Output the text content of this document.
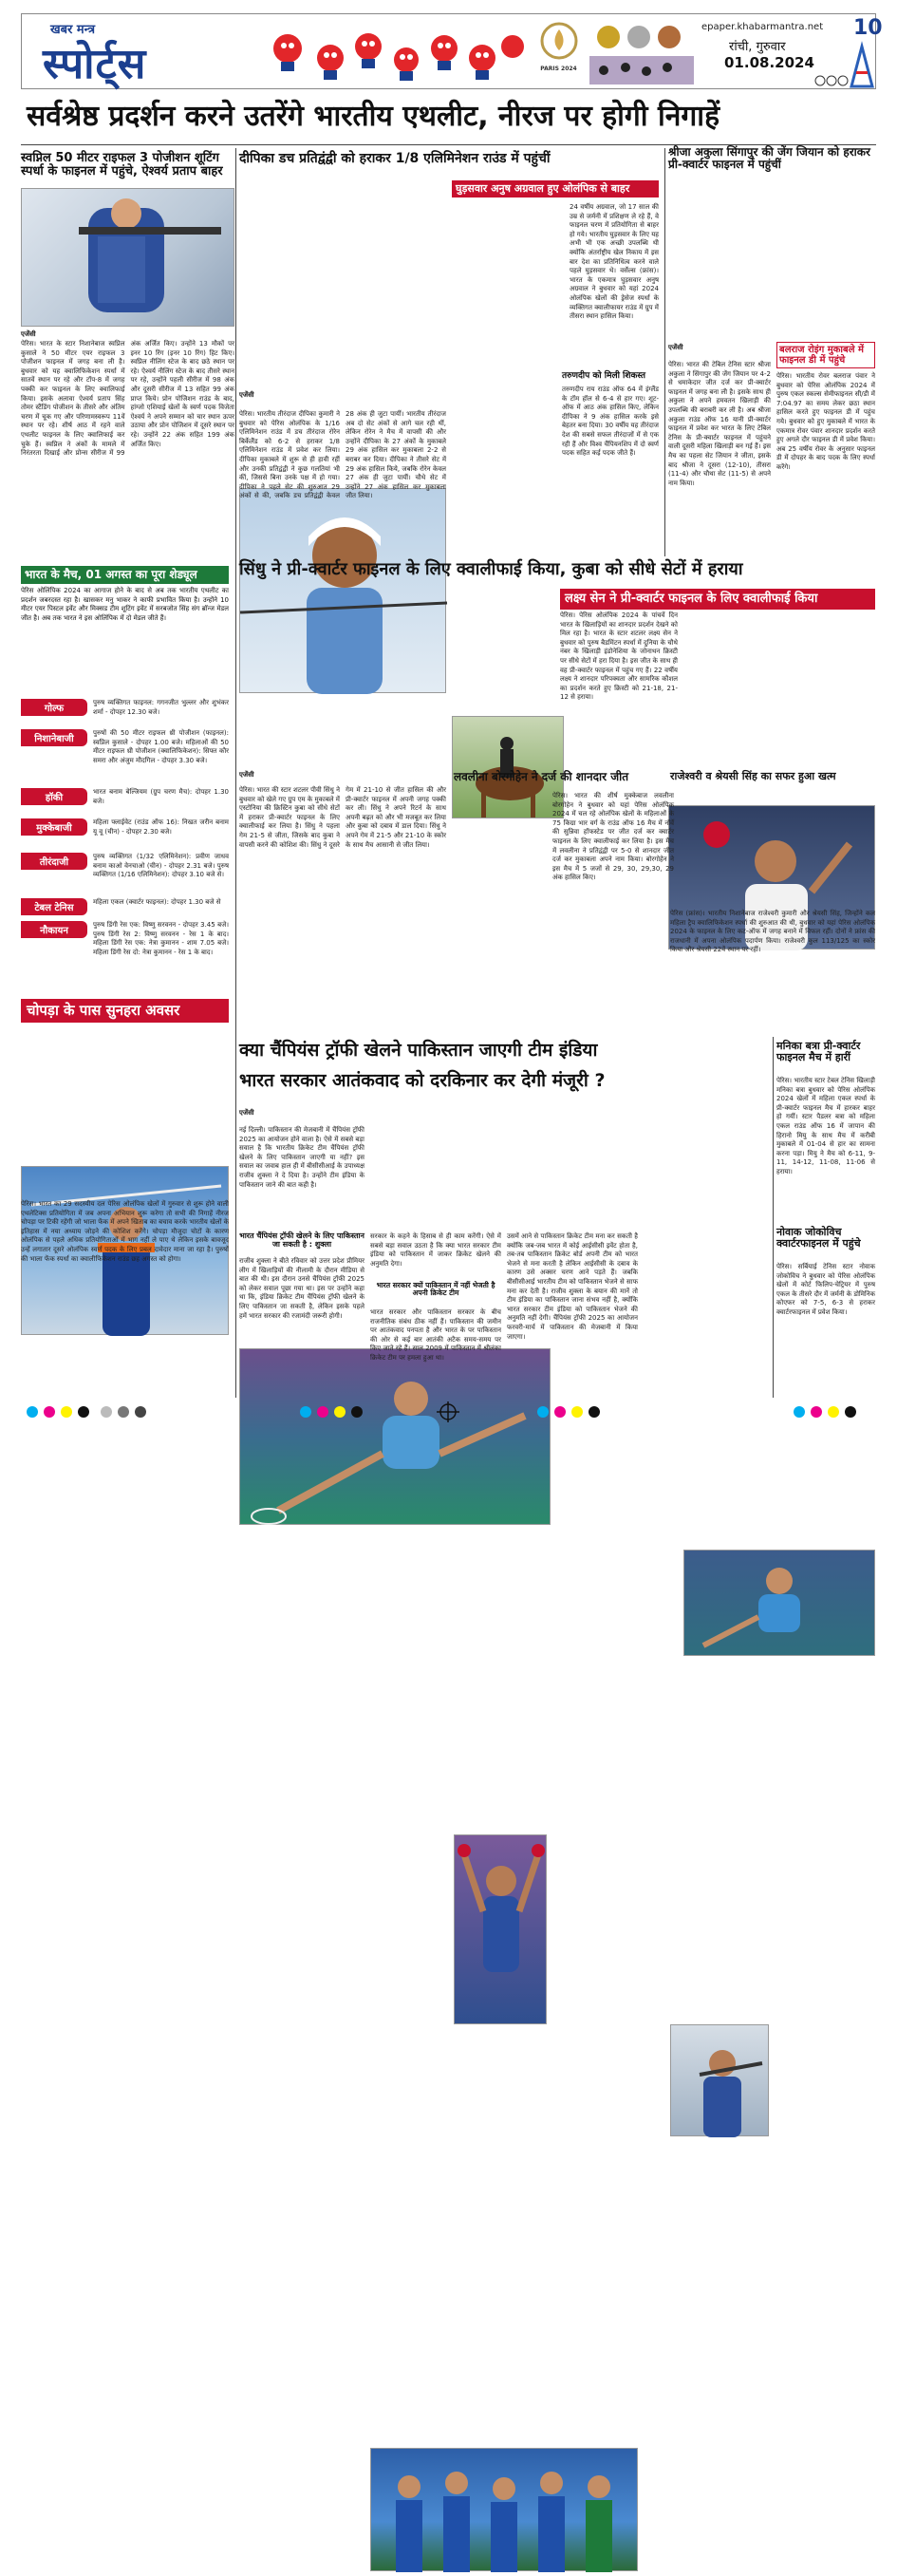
खबर मन्त्र
स्पोर्ट्स	PARIS 2024
epaper.khabarmantra.net
रांची, गुरुवार
01.08.2024
10
सर्वश्रेष्ठ प्रदर्शन करने उतरेंगे भारतीय एथलीट, नीरज पर होगी निगाहें
स्वप्निल 50 मीटर राइफल 3 पोजीशन शूटिंग स्पर्धा के फाइनल में पहुंचे, ऐश्वर्य प्रताप बाहर
एजेंसी
पेरिस। भारत के स्टार निशानेबाज स्वप्निल कुसाले ने 50 मीटर एयर राइफल 3 पोजीशन फाइनल में जगह बना ली है। बुधवार को यह क्वालिफिकेशन स्पर्धा में सातवें स्थान पर रहे और टॉप-8 में जगह पक्की कर फाइनल के लिए क्वालिफाई किया। इसके अलावा ऐश्वर्य प्रताप सिंह तोमर स्टैंडिंग पोजीशन के तीसरे और अंतिम चरण में चूक गए और परिणामस्वरूप 11वें स्थान पर रहे। शीर्ष आठ में रहने वाले एथलीट फाइनल के लिए क्वालिफाई कर चुके हैं। स्वप्निल ने अंकों के मामले में निरंतरता दिखाई और प्रोन्स सीरीज में 99 अंक अर्जित किए। उन्होंने 13 मौकों पर इनर 10 रिंग (इनर 10 रिंग) हिट किए। स्वप्निल नीलिंग स्टेज के बाद छठे स्थान पर रहे। ऐश्वर्य नीलिंग स्टेज के बाद तीसरे स्थान पर रहे, उन्होंने पहली सीरीज में 98 अंक और दूसरी सीरीज में 13 सहित 99 अंक प्राप्त किये। प्रोन पोजिशन राउंड के बाद, हांग्जो एशियाई खेलों के स्वर्ण पदक विजेता ऐश्वर्य ने अपने सम्मान को चार स्थान ऊपर उठाया और प्रोन पोजिशन में दूसरे स्थान पर रहे। उन्होंने 22 अंक सहित 199 अंक अर्जित किए।
भारत के मैच, 01 अगस्त का पूरा शेड्यूल
पेरिस ओलिंपिक 2024 का आगाज होने के बाद से अब तक भारतीय एथलीट का प्रदर्शन जबरदस्त रहा है। खासकर मनु भाकर ने काफी प्रभावित किया है। उन्होंने 10 मीटर एयर पिस्टल इवेंट और मिक्सड टीम शूटिंग इवेंट में सरबजोत सिंह संग ब्रॉन्ज मेडल जीत है। अब तक भारत ने इस ओलिंपिक में दो मेडल जीते हैं।
गोल्फ
पुरुष व्यक्तिगत फाइनल: गगनजीत भुल्लर और शुभंकर शर्मा - दोपहर 12.30 बजे।
निशानेबाजी
पुरुषों की 50 मीटर राइफल थ्री पोजीशन (फाइनल): स्वप्निल कुसाले - दोपहर 1.00 बजे। महिलाओं की 50 मीटर राइफल थ्री पोजीशन (क्वालिफिकेशन): सिफ्त कौर समरा और अंजुम मौदगिल - दोपहर 3.30 बजे।
हॉकी
भारत बनाम बेल्जियम (ग्रुप चरण मैच): दोपहर 1.30 बजे।
मुक्केबाजी
महिला फ्लाईवेट (राउंड ऑफ 16): निखत जरीन बनाम यू वू (चीन) - दोपहर 2.30 बजे।
तीरंदाजी
पुरुष व्यक्तिगत (1/32 एलिमिनेशन): प्रवीण जाधव बनाम काओ वेनचाओ (चीन) - दोपहर 2.31 बजे। पुरुष व्यक्तिगत (1/16 एलिमिनेशन): दोपहर 3.10 बजे से।
टेबल टेनिस
महिला एकल (क्वार्टर फाइनल): दोपहर 1.30 बजे से
नौकायन
पुरुष डिंगी रेस एक: विष्णु सरवनन - दोपहर 3.45 बजे। पुरुष डिंगी रेस 2: विष्णु सरवनन - रेस 1 के बाद। महिला डिंगी रेस एक: नेत्रा कुमानन - शाम 7.05 बजे। महिला डिंगी रेस दो: नेत्रा कुमानन - रेस 1 के बाद।
चोपड़ा के पास सुनहरा अवसर
पेरिस। भारत का 29 सदस्यीय दल पेरिस ओलंपिक खेलों में गुरुवार से शुरू होने वाली एथलेटिक्स प्रतियोगिता में जब अपना अभियान शुरू करेगा तो सभी की निगाहें नीरज चोपड़ा पर टिकी रहेंगी जो भाला फेंक में अपने खिताब का बचाव करके भारतीय खेलों के इतिहास में नया अध्याय जोड़ने की कोशिश करेंगे। चोपड़ा मौजूदा चोटों के कारण ओलंपिक से पहले अधिक प्रतियोगिताओं में भाग नहीं ले पाए थे लेकिन इसके बावजूद उन्हें लगातार दूसरे ओलंपिक स्वर्ण पदक के लिए प्रबल दावेदार माना जा रहा है। पुरुषों की भाला फेंक स्पर्धा का क्वालीफिकेशन राउंड छह अगस्त को होगा।
दीपिका डच प्रतिद्वंद्वी को हराकर 1/8 एलिमिनेशन राउंड में पहुंचीं
एजेंसी
पेरिस। भारतीय तीरंदाज दीपिका कुमारी ने बुधवार को पेरिस ओलंपिक के 1/16 एलिमिनेशन राउंड में डच तीरंदाज रोरेन बिर्केलैंड को 6-2 से हराकर 1/8 एलिमिनेशन राउंड में प्रवेश कर लिया। दीपिका मुकाबले में शुरू से ही हावी रहीं और उनकी प्रतिद्वंद्वी ने कुछ गलतियां भी कीं, जिससे बिना उनके पक्ष में हो गया। दीपिका ने पहले सेट की शुरुआत 29 अंकों से की, जबकि डच प्रतिद्वंद्वी केवल 28 अंक ही जुटा पायीं। भारतीय तीरंदाज अब दो सेट अंकों से आगे चल रही थीं, लेकिन रोरेन ने मैच में वापसी की और उन्होंने दीपिका के 27 अंकों के मुकाबले 29 अंक हासिल कर मुकाबला 2-2 से बराबर कर दिया। दीपिका ने तीसरे सेट में 29 अंक हासिल किये, जबकि रोरेन केवल 27 अंक ही जुटा पायीं। चौथे सेट में उन्होंने 27 अंक हासिल कर मुकाबला जीत लिया।
घुड़सवार अनुष अग्रवाल हुए ओलंपिक से बाहर
24 वर्षीय अग्रवाल, जो 17 साल की उम्र से जर्मनी में प्रशिक्षण ले रहे हैं, वे फाइनल चरण में प्रतियोगिता से बाहर हो गये। भारतीय घुड़सवार के लिए यह अभी भी एक अच्छी उपलब्धि थी क्योंकि अंतर्राष्ट्रीय खेल निकाय में इस बार देश का प्रतिनिधित्व करने वाले पहले घुड़सवार थे। वर्सेल्स (फ्रांस)। भारत के एकमात्र घुड़सवार अनुष अग्रवाल ने बुधवार को यहां 2024 ओलंपिक खेलों की ड्रेसेज स्पर्धा के व्यक्तिगत क्वालीफायर राउंड में ग्रुप में तीसरा स्थान हासिल किया।
तरुणदीप को मिली शिकस्त
तरुणदीप राय राउंड ऑफ 64 में इंग्लैंड के टॉम हॉल से 6-4 से हार गए। शूट-ऑफ में आठ अंक हासिल किए, लेकिन दीपिका ने 9 अंक हासिल करके इसे बेहतर बना दिया। 30 वर्षीय यह तीरंदाज देश की सबसे सफल तीरंदाजों में से एक रही हैं और विश्व चैंपियनशिप में दो स्वर्ण पदक सहित कई पदक जीते हैं।
श्रीजा अकुला सिंगापुर की जेंग जियान को हराकर प्री-क्वार्टर फाइनल में पहुंचीं
एजेंसी
पेरिस। भारत की टेबिल टेनिस स्टार श्रीजा अकुला ने सिंगापुर की जेंग जियान पर 4-2 से धमाकेदार जीत दर्ज कर प्री-क्वार्टर फाइनल में जगह बना ली है। इसके साथ ही अकुला ने अपने हमवतन खिलाड़ी की उपलब्धि की बराबरी कर ली है। अब श्रीजा अकुला राउंड ऑफ 16 यानी प्री-क्वार्टर फाइनल में प्रवेश कर भारत के लिए टेबिल टेनिस के प्री-क्वार्टर फाइनल में पहुंचने वाली दूसरी महिला खिलाड़ी बन गई हैं। इस मैच का पहला सेट जियान ने जीता, इसके बाद श्रीजा ने दूसरा (12-10), तीसरा (11-4) और चौथा सेट (11-5) से अपने नाम किया।
बलराज रोइंग मुकाबले में फाइनल डी में पहुंचे
पेरिस। भारतीय रोवर बलराज पंवार ने बुधवार को पेरिस ओलंपिक 2024 में पुरुष एकल स्कल्स सेमीफाइनल सी/डी में 7:04.97 का समय लेकर छठा स्थान हासिल करते हुए फाइनल डी में पहुंच गये। बुधवार को हुए मुकाबले में भारत के एकमात्र रोवर पंवार शानदार प्रदर्शन करते हुए अगले दौर फाइनल डी में प्रवेश किया। अब 25 वर्षीय रोवर के अनुसार फाइनल डी में दोपहर के बाद पदक के लिए स्पर्धा करेंगे।
सिंधु ने प्री-क्वार्टर फाइनल के लिए क्वालीफाई किया, कुबा को सीधे सेटों में हराया
एजेंसी
पेरिस। भारत की स्टार शटलर पीवी सिंधु ने बुधवार को खेले गए ग्रुप एम के मुकाबले में एस्टोनिया की क्रिस्टिन कुबा को सीधे सेटों में हराकर प्री-क्वार्टर फाइनल के लिए क्वालीफाई कर लिया है। सिंधु ने पहला गेम 21-5 से जीता, जिसके बाद कुबा ने वापसी करने की कोशिश की। सिंधु ने दूसरे गेम में 21-10 से जीत हासिल की और प्री-क्वार्टर फाइनल में अपनी जगह पक्की कर ली। सिंधु ने अपने रिटर्न के साथ अपनी बढ़त को और भी मजबूत कर लिया और कुबा को दबाव में डाल दिया। सिंधु ने अपने गेम में 21-5 और 21-10 के स्कोर के साथ मैच आसानी से जीत लिया।
लक्ष्य सेन ने प्री-क्वार्टर फाइनल के लिए क्वालीफाई किया
पेरिस। पेरिस ओलंपिक 2024 के पांचवें दिन भारत के खिलाड़ियों का शानदार प्रदर्शन देखने को मिल रहा है। भारत के स्टार शटलर लक्ष्य सेन ने बुधवार को पुरुष बैडमिंटन स्पर्धा में दुनिया के चौथे नंबर के खिलाड़ी इंडोनेशिया के जोनाथन क्रिस्टी पर सीधे सेटों में हरा दिया है। इस जीत के साथ ही वह प्री-क्वार्टर फाइनल में पहुंच गए हैं। 22 वर्षीय लक्ष्य ने शानदार परिपक्वता और सामरिक कौशल का प्रदर्शन करते हुए क्रिस्टी को 21-18, 21-12 से हराया।
लवलीना बोरगोहेन ने दर्ज की शानदार जीत
पेरिस। भारत की शीर्ष मुक्केबाज लवलीना बोरगोहेन ने बुधवार को यहां पेरिस ओलंपिक 2024 में चल रहे ओलंपिक खेलों के महिलाओं के 75 किग्रा भार वर्ग के राउंड ऑफ 16 मैच में नॉर्वे की सुन्निवा हॉफस्टेड पर जीत दर्ज कर क्वार्टर फाइनल के लिए क्वालीफाई कर लिया है। इस मैच में लवलीना ने प्रतिद्वंद्वी पर 5-0 से शानदार जीत दर्ज कर मुकाबला अपने नाम किया। बोरगोहेन ने इस मैच में 5 जजों से 29, 30, 29,30, 29 अंक हासिल किए।
राजेश्वरी व श्रेयसी सिंह का सफर हुआ खत्म
पेरिस (फ्रांस)। भारतीय निशानेबाज राजेश्वरी कुमारी और श्रेयसी सिंह, जिन्होंने कल महिला ट्रैप क्वालिफिकेशन स्पर्धा की शुरुआत की थी, बुधवार को यहां पेरिस ओलंपिक 2024 के फाइनल के लिए कट-ऑफ में जगह बनाने में विफल रहीं। दोनों ने फ्रांस की राजधानी में अपना ओलंपिक पदार्पण किया। राजेश्वरी कुल 113/125 का स्कोर किया और श्रेयसी 22वें स्थान पर रहीं।
क्या चैंपियंस ट्रॉफी खेलने पाकिस्तान जाएगी टीम इंडिया
भारत सरकार आतंकवाद को दरकिनार कर देगी मंजूरी ?
एजेंसी
नई दिल्ली। पाकिस्तान की मेजबानी में चैंपियंस ट्रॉफी 2025 का आयोजन होने वाला है। ऐसे में सबसे बड़ा सवाल है कि भारतीय क्रिकेट टीम चैंपियंस ट्रॉफी खेलने के लिए पाकिस्तान जाएगी या नहीं? इस सवाल का जवाब हाल ही में बीसीसीआई के उपाध्यक्ष राजीव शुक्ला ने दे दिया है। उन्होंने टीम इंडिया के पाकिस्तान जाने की बात कही है।
भारत चैंपियंस ट्रॉफी खेलने के लिए पाकिस्तान जा सकती है : शुक्ला
राजीव शुक्ला ने बीते रविवार को उत्तर प्रदेश प्रीमियर लीग में खिलाड़ियों की नीलामी के दौरान मीडिया से बात की थी। इस दौरान उनसे चैंपियंस ट्रॉफी 2025 को लेकर सवाल पूछा गया था। इस पर उन्होंने कहा था कि, इंडिया क्रिकेट टीम चैंपियंस ट्रॉफी खेलने के लिए पाकिस्तान जा सकती है, लेकिन इसके पहले हमें भारत सरकार की रजामंदी जरूरी होगी।
सरकार के कहने के हिसाब से ही काम करेंगी। ऐसे में सबसे बड़ा सवाल उठता है कि क्या भारत सरकार टीम इंडिया को पाकिस्तान में जाकर क्रिकेट खेलने की अनुमति देगा।
भारत सरकार क्यों पाकिस्तान में नहीं भेजती है अपनी क्रिकेट टीम
भारत सरकार और पाकिस्तान सरकार के बीच राजनीतिक संबंध ठीक नहीं हैं। पाकिस्तान की जमीन पर आतंकवाद पनपता है और भारत के पर पाकिस्तान की ओर से कई बार आतंकी अटैक समय-समय पर किए जाते रहे हैं। साल 2009 में पाकिस्तान में श्रीलंका क्रिकेट टीम पर हमला हुआ था।
उसमें आने से पाकिस्तान क्रिकेट टीम मना कर सकती है क्योंकि जब-जब भारत में कोई आईसीसी इवेंट होता है, तब-तब पाकिस्तान क्रिकेट बोर्ड अपनी टीम को भारत भेजने से मना करती है लेकिन आईसीसी के दबाव के कारण उसे अक्सर चरण आने पड़ते हैं। जबकि बीसीसीआई भारतीय टीम को पाकिस्तान भेजने से साफ मना कर देती है। राजीव शुक्ला के बयान की मानें तो टीम इंडिया का पाकिस्तान जाना संभव नहीं है, क्योंकि भारत सरकार टीम इंडिया को पाकिस्तान भेजने की अनुमति नहीं देगी। चैंपियंस ट्रॉफी 2025 का आयोजन फरवरी-मार्च में पाकिस्तान की मेजबानी में किया जाएगा।
मनिका बत्रा प्री-क्वार्टर फाइनल मैच में हारीं
पेरिस। भारतीय स्टार टेबल टेनिस खिलाड़ी मनिका बत्रा बुधवार को पेरिस ओलंपिक 2024 खेलों में महिला एकल स्पर्धा के प्री-क्वार्टर फाइनल मैच में हारकर बाहर हो गयीं। स्टार पैडलर बत्रा को महिला एकल राउंड ऑफ 16 में जापान की हिरानो मियु के साथ मैच में करीबी मुकाबले में 01-04 से हार का सामना करना पड़ा। मियु ने मैच को 6-11, 9-11, 14-12, 11-08, 11-06 से हराया।
नोवाक जोकोविच क्वार्टरफाइनल में पहुंचे
पेरिस। सर्बियाई टेनिस स्टार नोवाक जोकोविच ने बुधवार को पेरिस ओलंपिक खेलों में कोर्ट फिलिप-चेट्रियर में पुरुष एकल के तीसरे दौर में जर्मनी के डोमिनिक कोएफर को 7-5, 6-3 से हराकर क्वार्टरफाइनल में प्रवेश किया।
